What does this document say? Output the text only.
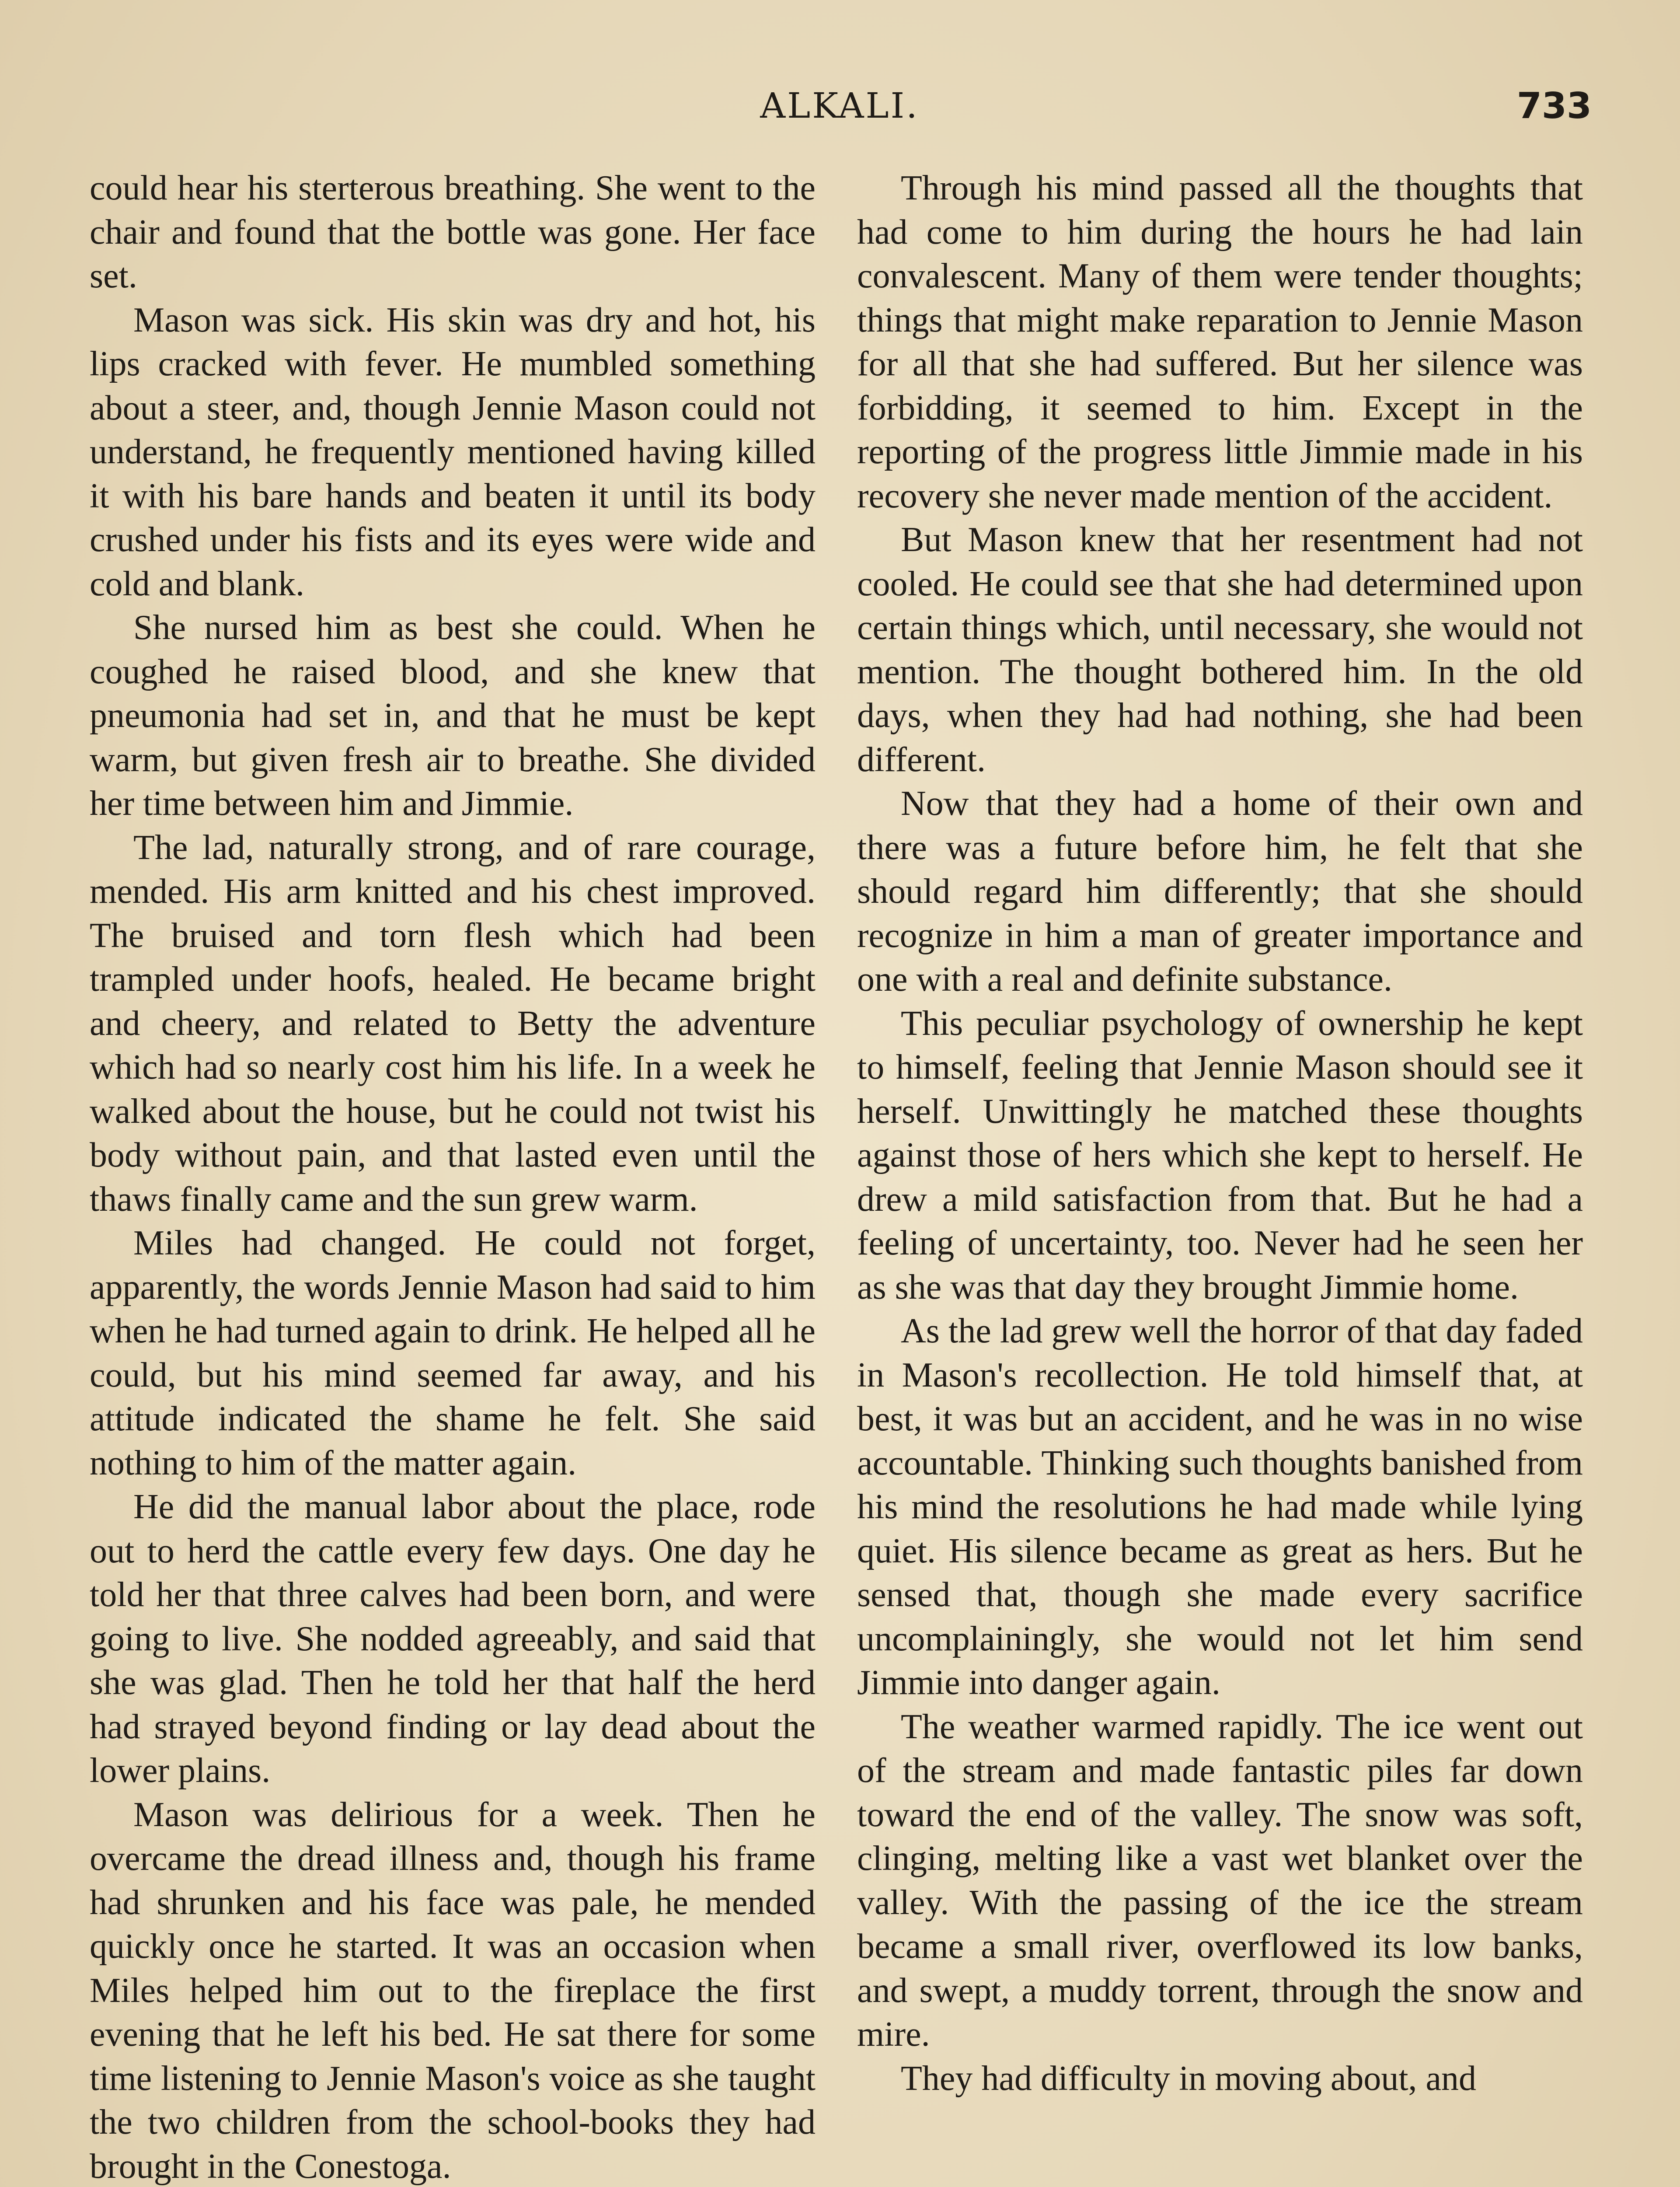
ALKALI.	733

could hear his sterterous breathing. She went to the chair and found that the bottle was gone. Her face set.

Mason was sick. His skin was dry and hot, his lips cracked with fever. He mumbled something about a steer, and, though Jennie Mason could not understand, he frequently mentioned having killed it with his bare hands and beaten it until its body crushed under his fists and its eyes were wide and cold and blank.

She nursed him as best she could. When he coughed he raised blood, and she knew that pneumonia had set in, and that he must be kept warm, but given fresh air to breathe. She divided her time between him and Jimmie.

The lad, naturally strong, and of rare courage, mended. His arm knitted and his chest improved. The bruised and torn flesh which had been trampled under hoofs, healed. He became bright and cheery, and related to Betty the adventure which had so nearly cost him his life. In a week he walked about the house, but he could not twist his body without pain, and that lasted even until the thaws finally came and the sun grew warm.

Miles had changed. He could not forget, apparently, the words Jennie Mason had said to him when he had turned again to drink. He helped all he could, but his mind seemed far away, and his attitude indicated the shame he felt. She said nothing to him of the matter again.

He did the manual labor about the place, rode out to herd the cattle every few days. One day he told her that three calves had been born, and were going to live. She nodded agreeably, and said that she was glad. Then he told her that half the herd had strayed beyond finding or lay dead about the lower plains.

Mason was delirious for a week. Then he overcame the dread illness and, though his frame had shrunken and his face was pale, he mended quickly once he started. It was an occasion when Miles helped him out to the fireplace the first evening that he left his bed. He sat there for some time listening to Jennie Mason's voice as she taught the two children from the school-books they had brought in the Conestoga.

Through his mind passed all the thoughts that had come to him during the hours he had lain convalescent. Many of them were tender thoughts; things that might make reparation to Jennie Mason for all that she had suffered. But her silence was forbidding, it seemed to him. Except in the reporting of the progress little Jimmie made in his recovery she never made mention of the accident.

But Mason knew that her resentment had not cooled. He could see that she had determined upon certain things which, until necessary, she would not mention. The thought bothered him. In the old days, when they had had nothing, she had been different.

Now that they had a home of their own and there was a future before him, he felt that she should regard him differently; that she should recognize in him a man of greater importance and one with a real and definite substance.

This peculiar psychology of ownership he kept to himself, feeling that Jennie Mason should see it herself. Unwittingly he matched these thoughts against those of hers which she kept to herself. He drew a mild satisfaction from that. But he had a feeling of uncertainty, too. Never had he seen her as she was that day they brought Jimmie home.

As the lad grew well the horror of that day faded in Mason's recollection. He told himself that, at best, it was but an accident, and he was in no wise accountable. Thinking such thoughts banished from his mind the resolutions he had made while lying quiet. His silence became as great as hers. But he sensed that, though she made every sacrifice uncomplainingly, she would not let him send Jimmie into danger again.

The weather warmed rapidly. The ice went out of the stream and made fantastic piles far down toward the end of the valley. The snow was soft, clinging, melting like a vast wet blanket over the valley. With the passing of the ice the stream became a small river, overflowed its low banks, and swept, a muddy torrent, through the snow and mire.

They had difficulty in moving about, and
